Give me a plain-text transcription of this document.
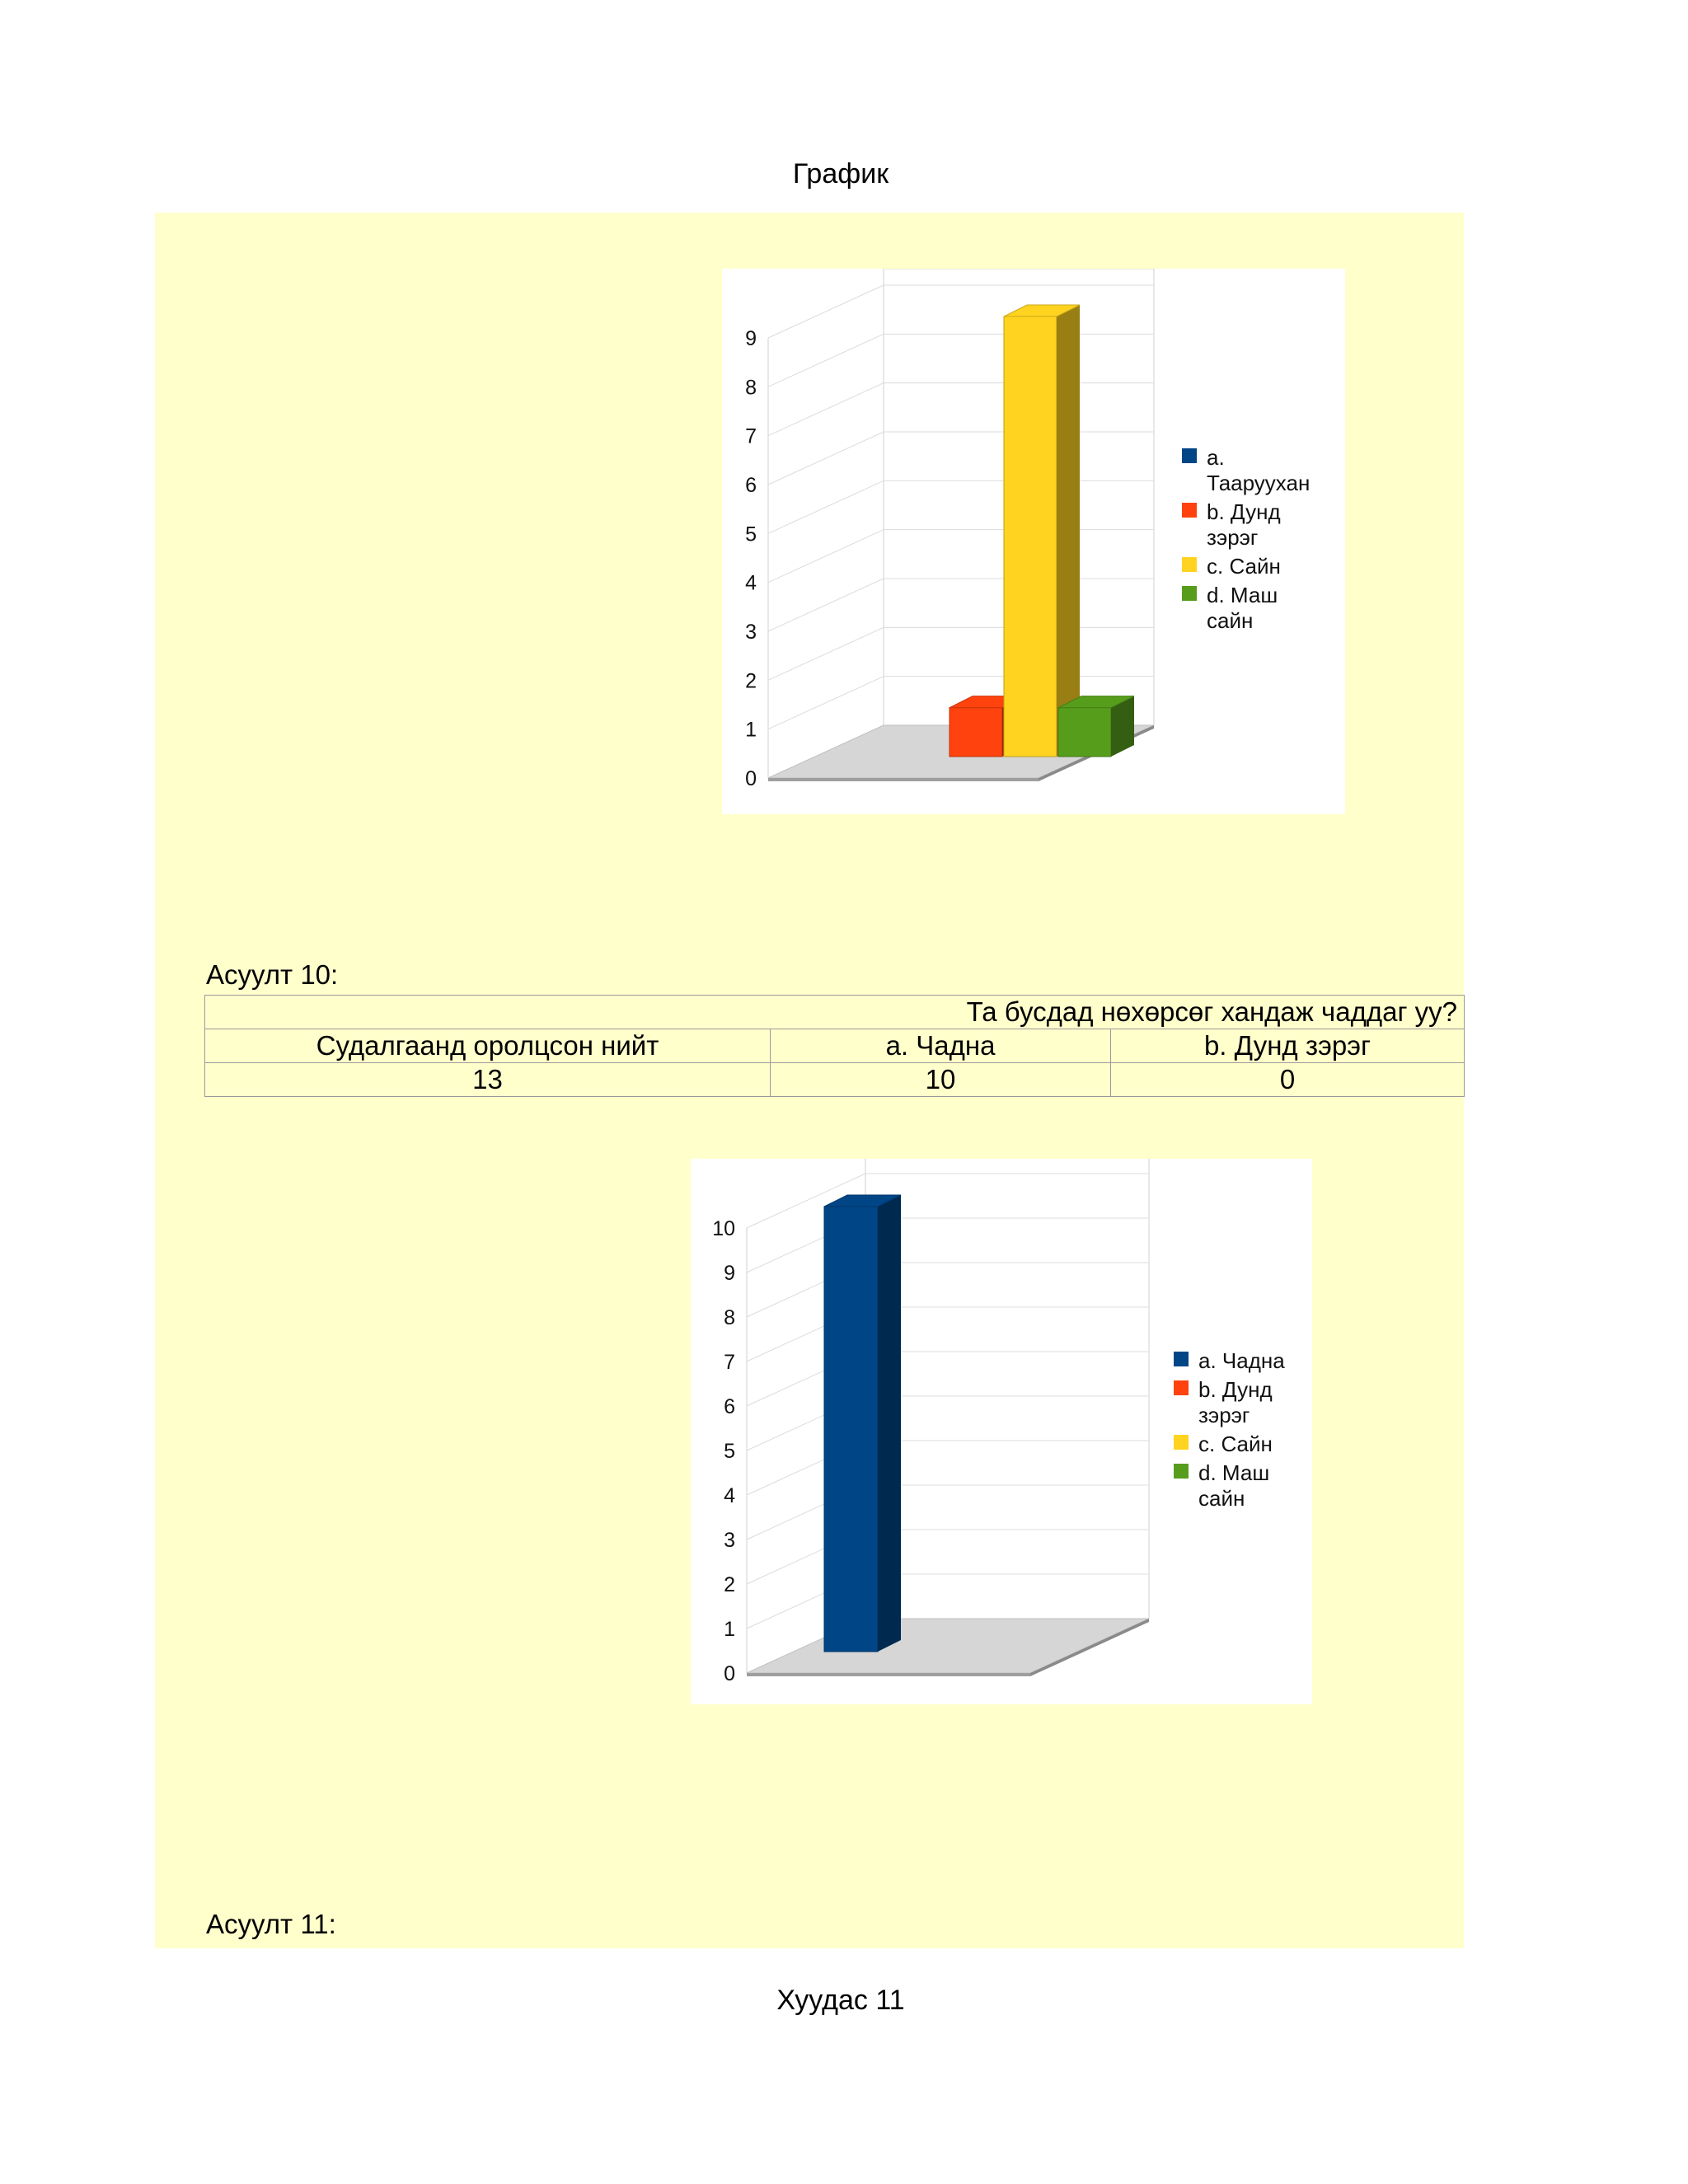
График
0
1
2
3
4
5
6
7
8
9
a.
Таaруухан
b. Дунд
зэрэг
c. Сайн
d. Маш
сайн
Асуулт 10:
Та бусдад нөхөрсөг хандаж чаддаг уу?		
Судалгаанд оролцсон нийт	a. Чадна	b. Дунд зэрэг
13	10	0
0
1
2
3
4
5
6
7
8
9
10
a. Чадна
b. Дунд
зэрэг
c. Сайн
d. Маш
сайн
Асуулт 11:
Хуудас 11
